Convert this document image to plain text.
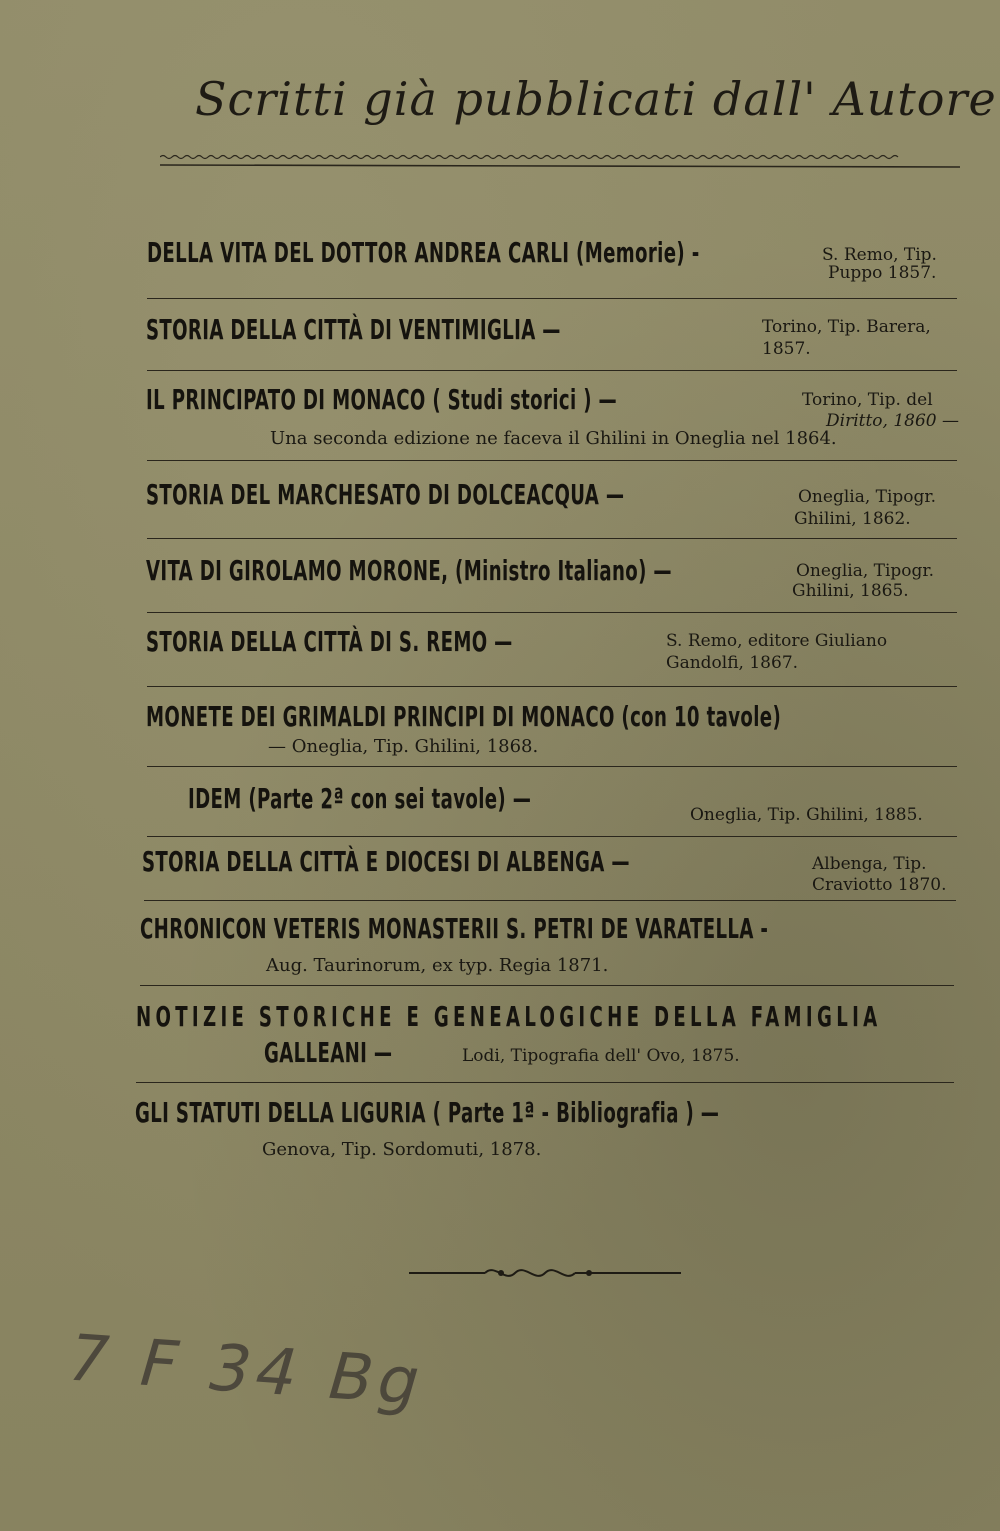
Scritti già pubblicati dall' Autore
DELLA VITA DEL DOTTOR ANDREA CARLI (Memorie) -	S. Remo, Tip.
Puppo 1857.
STORIA DELLA CITTÀ DI VENTIMIGLIA —	Torino, Tip. Barera,
1857.
IL PRINCIPATO DI MONACO ( Studi storici ) —	Torino, Tip. del
Diritto, 1860 —
Una seconda edizione ne faceva il Ghilini in Oneglia nel 1864.
STORIA DEL MARCHESATO DI DOLCEACQUA —	Oneglia, Tipogr.
Ghilini, 1862.
VITA DI GIROLAMO MORONE, (Ministro Italiano) —	Oneglia, Tipogr.
Ghilini, 1865.
STORIA DELLA CITTÀ DI S. REMO —	S. Remo, editore Giuliano
Gandolfi, 1867.
MONETE DEI GRIMALDI PRINCIPI DI MONACO (con 10 tavole)
— Oneglia, Tip. Ghilini, 1868.
IDEM (Parte 2ª con sei tavole) —	Oneglia, Tip. Ghilini, 1885.
STORIA DELLA CITTÀ E DIOCESI DI ALBENGA —	Albenga, Tip.
Craviotto 1870.
CHRONICON VETERIS MONASTERII S. PETRI DE VARATELLA -
Aug. Taurinorum, ex typ. Regia 1871.
NOTIZIE STORICHE E GENEALOGICHE DELLA FAMIGLIA
GALLEANI —	Lodi, Tipografia dell' Ovo, 1875.
GLI STATUTI DELLA LIGURIA ( Parte 1ª - Bibliografia ) —
Genova, Tip. Sordomuti, 1878.
7 F 34 Bg
